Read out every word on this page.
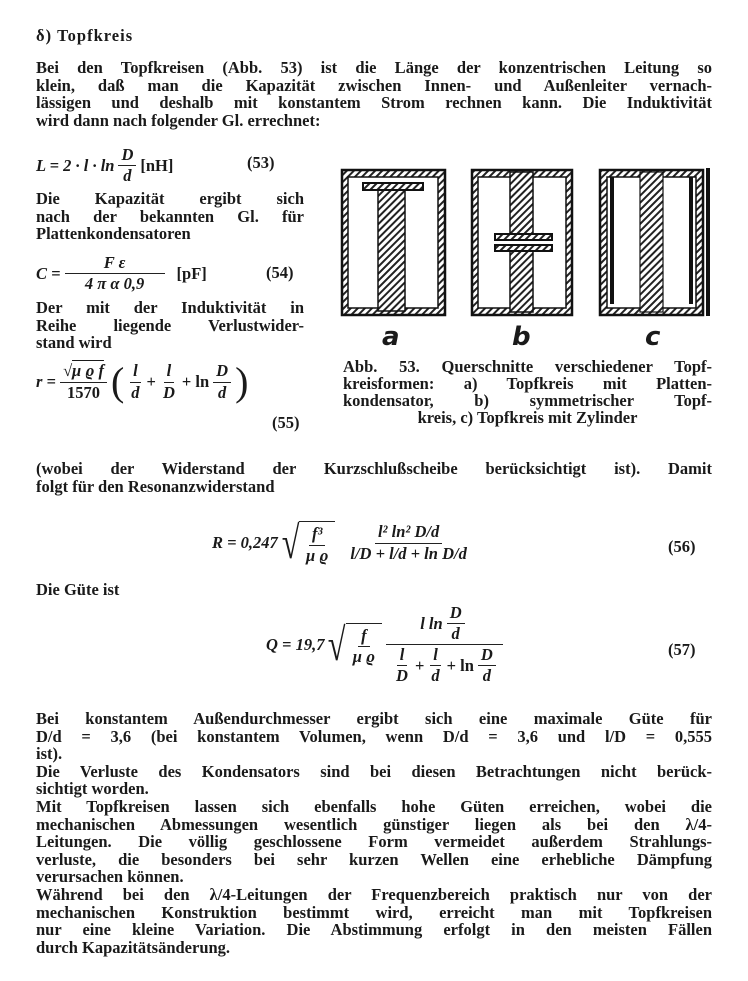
δ) Topfkreis
Bei den Topfkreisen (Abb. 53) ist die Länge der konzentrischen Leitung so
klein, daß man die Kapazität zwischen Innen- und Außenleiter vernach-
lässigen und deshalb mit konstantem Strom rechnen kann. Die Induktivität
wird dann nach folgender Gl. errechnet:
$L = 2 \cdot l \cdot \ln \frac{D}{d} [nH]$	(53)
Die Kapazität ergibt sich
nach der bekannten Gl. für
Plattenkondensatoren
$C = \frac{\text{F ε}}{\text{4 π α 0,9}} [pF]$	(54)
Der mit der Induktivität in
Reihe liegende Verlustwider-
stand wird
$r = \frac{\text{√μ ϱ f}}{1570}$ ( $\frac{l}{d} + \frac{l}{D} + \ln \frac{D}{d}$ )
(55)
a	b	c
Abb. 53. Querschnitte verschiedener Topf-
kreisformen: a) Topfkreis mit Platten-
kondensator, b) symmetrischer Topf-
kreis, c) Topfkreis mit Zylinder
(wobei der Widerstand der Kurzschlußscheibe berücksichtigt ist). Damit
folgt für den Resonanzwiderstand
R = 0,247 √ $\frac{\text{f³}}{\text{μ ϱ}} \frac{\text{l² ln² D/d}}{\text{l/D + l/d + ln D/d}}$	(56)
Die Güte ist
Q = 19,7 √ $\frac{f}{\text{μ ϱ}} \frac{l \ln \frac{D}{d}}{\frac{l}{D} + \frac{l}{d} + \ln \frac{D}{d}}$	(57)
Bei konstantem Außendurchmesser ergibt sich eine maximale Güte für
D/d = 3,6 (bei konstantem Volumen, wenn D/d = 3,6 und l/D = 0,555
ist).
Die Verluste des Kondensators sind bei diesen Betrachtungen nicht berück-
sichtigt worden.
Mit Topfkreisen lassen sich ebenfalls hohe Güten erreichen, wobei die
mechanischen Abmessungen wesentlich günstiger liegen als bei den λ/4-
Leitungen. Die völlig geschlossene Form vermeidet außerdem Strahlungs-
verluste, die besonders bei sehr kurzen Wellen eine erhebliche Dämpfung
verursachen können.
Während bei den λ/4-Leitungen der Frequenzbereich praktisch nur von der
mechanischen Konstruktion bestimmt wird, erreicht man mit Topfkreisen
nur eine kleine Variation. Die Abstimmung erfolgt in den meisten Fällen
durch Kapazitätsänderung.
